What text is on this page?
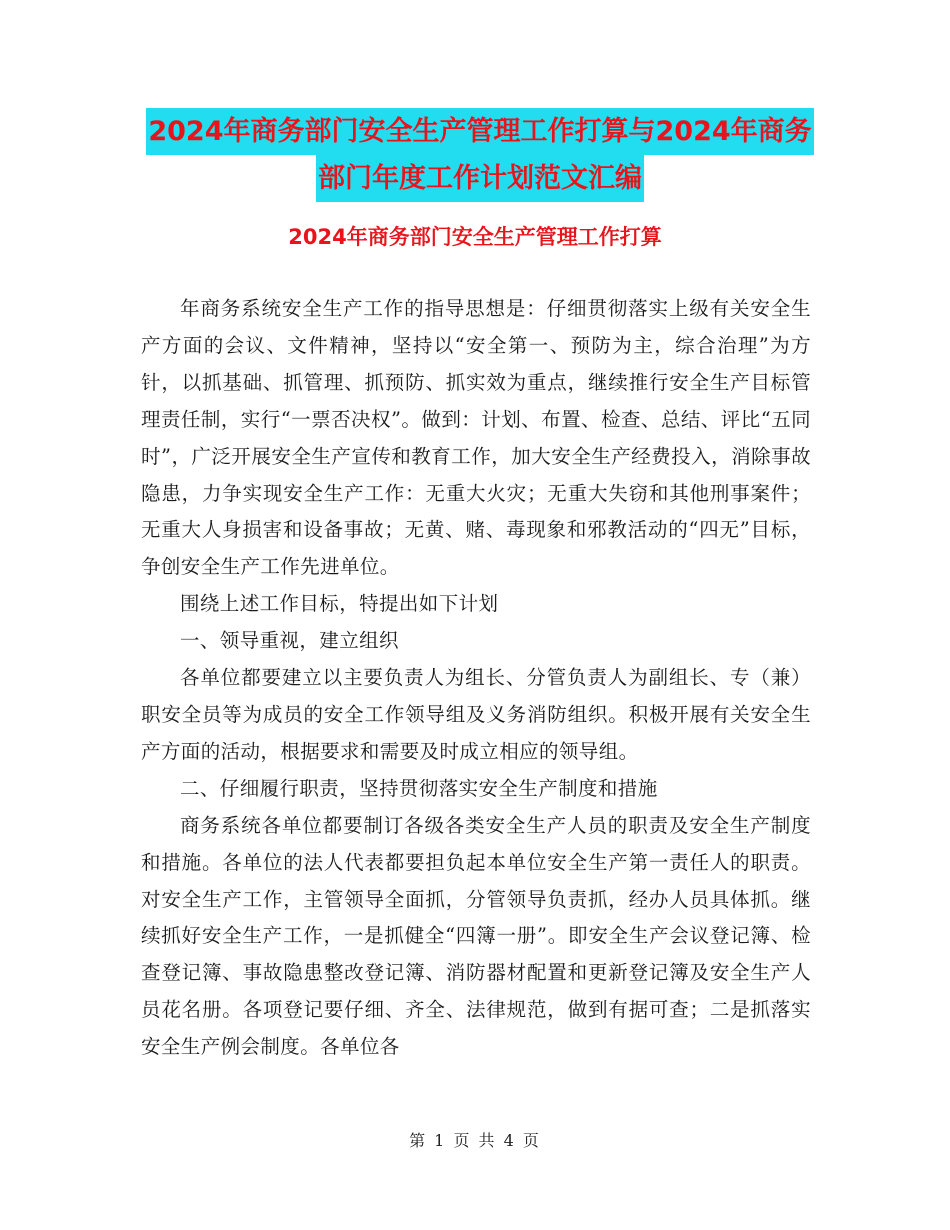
2024年商务部门安全生产管理工作打算与2024年商务
部门年度工作计划范文汇编
2024年商务部门安全生产管理工作打算

年商务系统安全生产工作的指导思想是：仔细贯彻落实上级有关安全生产方面的会议、文件精神，坚持以“安全第一、预防为主，综合治理”为方针，以抓基础、抓管理、抓预防、抓实效为重点，继续推行安全生产目标管理责任制，实行“一票否决权”。做到：计划、布置、检查、总结、评比“五同时”，广泛开展安全生产宣传和教育工作，加大安全生产经费投入，消除事故隐患，力争实现安全生产工作：无重大火灾；无重大失窃和其他刑事案件；无重大人身损害和设备事故；无黄、赌、毒现象和邪教活动的“四无”目标，争创安全生产工作先进单位。

围绕上述工作目标，特提出如下计划

一、领导重视，建立组织

各单位都要建立以主要负责人为组长、分管负责人为副组长、专（兼）职安全员等为成员的安全工作领导组及义务消防组织。积极开展有关安全生产方面的活动，根据要求和需要及时成立相应的领导组。

二、仔细履行职责，坚持贯彻落实安全生产制度和措施

商务系统各单位都要制订各级各类安全生产人员的职责及安全生产制度和措施。各单位的法人代表都要担负起本单位安全生产第一责任人的职责。对安全生产工作，主管领导全面抓，分管领导负责抓，经办人员具体抓。继续抓好安全生产工作，一是抓健全“四簿一册”。即安全生产会议登记簿、检查登记簿、事故隐患整改登记簿、消防器材配置和更新登记簿及安全生产人员花名册。各项登记要仔细、齐全、法律规范，做到有据可查；二是抓落实安全生产例会制度。各单位各

第 1 页 共 4 页
